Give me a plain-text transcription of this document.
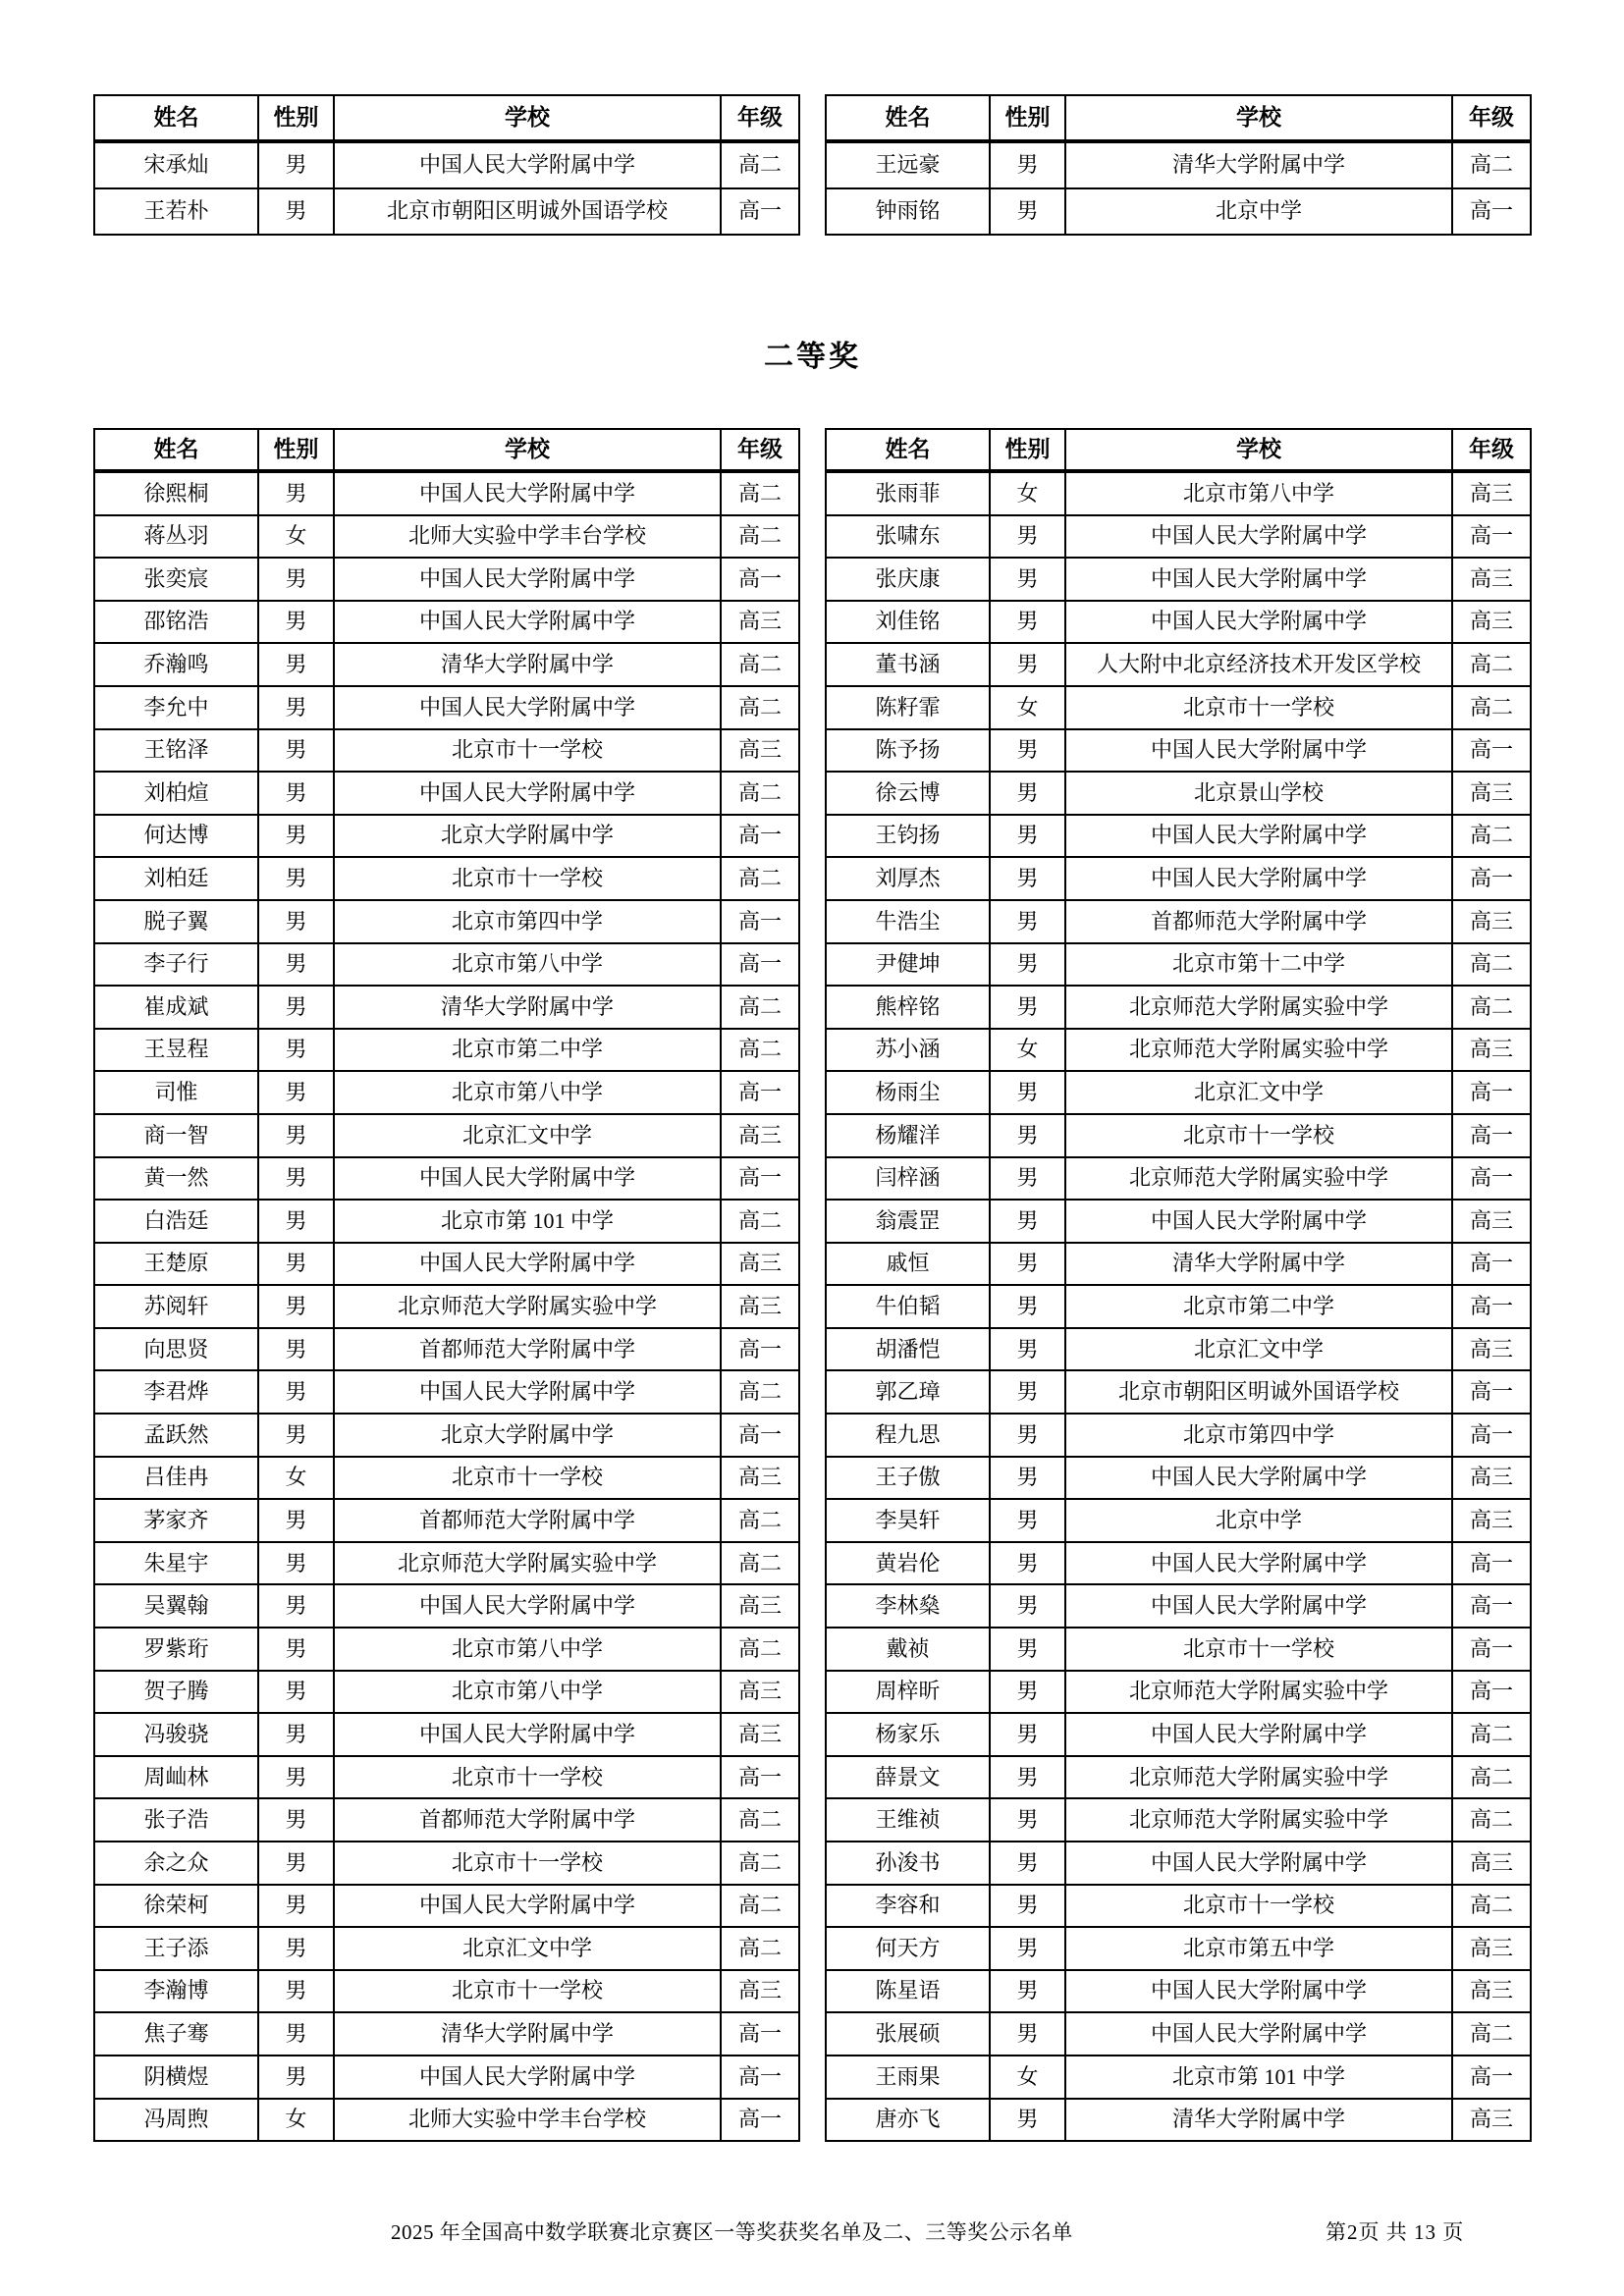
姓名	性别	学校	年级
宋承灿	男	中国人民大学附属中学	高二
王若朴	男	北京市朝阳区明诚外国语学校	高一
姓名	性别	学校	年级
王远豪	男	清华大学附属中学	高二
钟雨铭	男	北京中学	高一
二等奖
姓名	性别	学校	年级
徐熙桐	男	中国人民大学附属中学	高二
蒋丛羽	女	北师大实验中学丰台学校	高二
张奕宸	男	中国人民大学附属中学	高一
邵铭浩	男	中国人民大学附属中学	高三
乔瀚鸣	男	清华大学附属中学	高二
李允中	男	中国人民大学附属中学	高二
王铭泽	男	北京市十一学校	高三
刘柏煊	男	中国人民大学附属中学	高二
何达博	男	北京大学附属中学	高一
刘柏廷	男	北京市十一学校	高二
脱子翼	男	北京市第四中学	高一
李子行	男	北京市第八中学	高一
崔成斌	男	清华大学附属中学	高二
王昱程	男	北京市第二中学	高二
司惟	男	北京市第八中学	高一
商一智	男	北京汇文中学	高三
黄一然	男	中国人民大学附属中学	高一
白浩廷	男	北京市第 101 中学	高二
王楚原	男	中国人民大学附属中学	高三
苏阅轩	男	北京师范大学附属实验中学	高三
向思贤	男	首都师范大学附属中学	高一
李君烨	男	中国人民大学附属中学	高二
孟跃然	男	北京大学附属中学	高一
吕佳冉	女	北京市十一学校	高三
茅家齐	男	首都师范大学附属中学	高二
朱星宇	男	北京师范大学附属实验中学	高二
吴翼翰	男	中国人民大学附属中学	高三
罗紫珩	男	北京市第八中学	高二
贺子腾	男	北京市第八中学	高三
冯骏骁	男	中国人民大学附属中学	高三
周屾林	男	北京市十一学校	高一
张子浩	男	首都师范大学附属中学	高二
余之众	男	北京市十一学校	高二
徐荣柯	男	中国人民大学附属中学	高二
王子添	男	北京汇文中学	高二
李瀚博	男	北京市十一学校	高三
焦子骞	男	清华大学附属中学	高一
阴横煜	男	中国人民大学附属中学	高一
冯周煦	女	北师大实验中学丰台学校	高一
姓名	性别	学校	年级
张雨菲	女	北京市第八中学	高三
张啸东	男	中国人民大学附属中学	高一
张庆康	男	中国人民大学附属中学	高三
刘佳铭	男	中国人民大学附属中学	高三
董书涵	男	人大附中北京经济技术开发区学校	高二
陈籽霏	女	北京市十一学校	高二
陈予扬	男	中国人民大学附属中学	高一
徐云博	男	北京景山学校	高三
王钧扬	男	中国人民大学附属中学	高二
刘厚杰	男	中国人民大学附属中学	高一
牛浩尘	男	首都师范大学附属中学	高三
尹健坤	男	北京市第十二中学	高二
熊梓铭	男	北京师范大学附属实验中学	高二
苏小涵	女	北京师范大学附属实验中学	高三
杨雨尘	男	北京汇文中学	高一
杨耀洋	男	北京市十一学校	高一
闫梓涵	男	北京师范大学附属实验中学	高一
翁震罡	男	中国人民大学附属中学	高三
戚恒	男	清华大学附属中学	高一
牛伯韬	男	北京市第二中学	高一
胡潘恺	男	北京汇文中学	高三
郭乙璋	男	北京市朝阳区明诚外国语学校	高一
程九思	男	北京市第四中学	高一
王子傲	男	中国人民大学附属中学	高三
李昊轩	男	北京中学	高三
黄岩伦	男	中国人民大学附属中学	高一
李林燊	男	中国人民大学附属中学	高一
戴祯	男	北京市十一学校	高一
周梓昕	男	北京师范大学附属实验中学	高一
杨家乐	男	中国人民大学附属中学	高二
薛景文	男	北京师范大学附属实验中学	高二
王维祯	男	北京师范大学附属实验中学	高二
孙浚书	男	中国人民大学附属中学	高三
李容和	男	北京市十一学校	高二
何天方	男	北京市第五中学	高三
陈星语	男	中国人民大学附属中学	高三
张展硕	男	中国人民大学附属中学	高二
王雨果	女	北京市第 101 中学	高一
唐亦飞	男	清华大学附属中学	高三
2025 年全国高中数学联赛北京赛区一等奖获奖名单及二、三等奖公示名单	第2页 共 13 页
